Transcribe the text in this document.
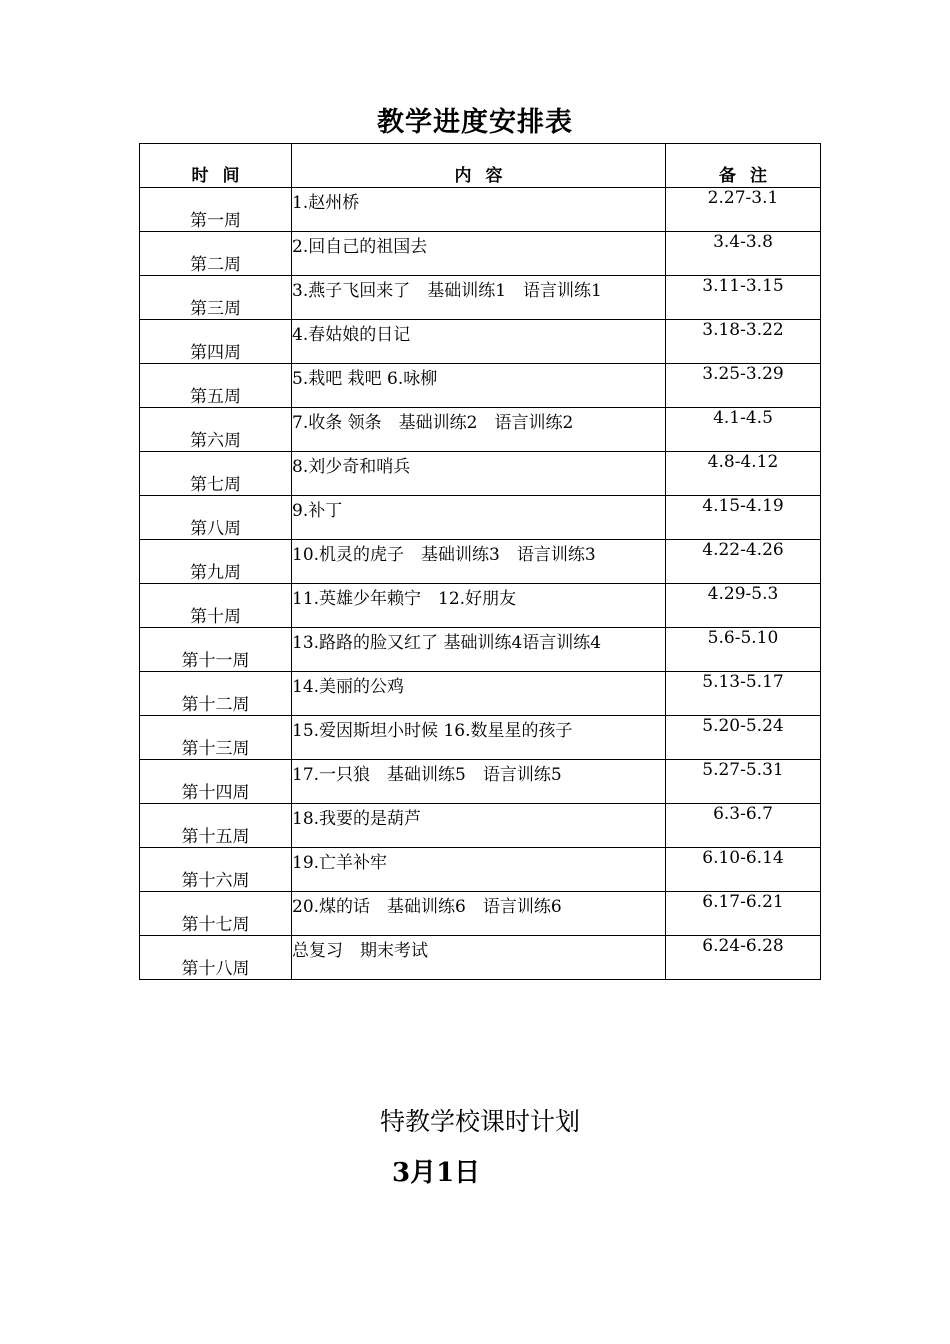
教学进度安排表
时间	内容	备注
第一周	1.赵州桥	2.27-3.1
第二周	2.回自己的祖国去	3.4-3.8
第三周	3.燕子飞回来了　基础训练1　语言训练1	3.11-3.15
第四周	4.春姑娘的日记	3.18-3.22
第五周	5.栽吧 栽吧 6.咏柳	3.25-3.29
第六周	7.收条 领条　基础训练2　语言训练2	4.1-4.5
第七周	8.刘少奇和哨兵	4.8-4.12
第八周	9.补丁	4.15-4.19
第九周	10.机灵的虎子　基础训练3　语言训练3	4.22-4.26
第十周	11.英雄少年赖宁　12.好朋友	4.29-5.3
第十一周	13.路路的脸又红了 基础训练4语言训练4	5.6-5.10
第十二周	14.美丽的公鸡	5.13-5.17
第十三周	15.爱因斯坦小时候 16.数星星的孩子	5.20-5.24
第十四周	17.一只狼　基础训练5　语言训练5	5.27-5.31
第十五周	18.我要的是葫芦	6.3-6.7
第十六周	19.亡羊补牢	6.10-6.14
第十七周	20.煤的话　基础训练6　语言训练6	6.17-6.21
第十八周	总复习　期末考试	6.24-6.28
特教学校课时计划
3月1日
